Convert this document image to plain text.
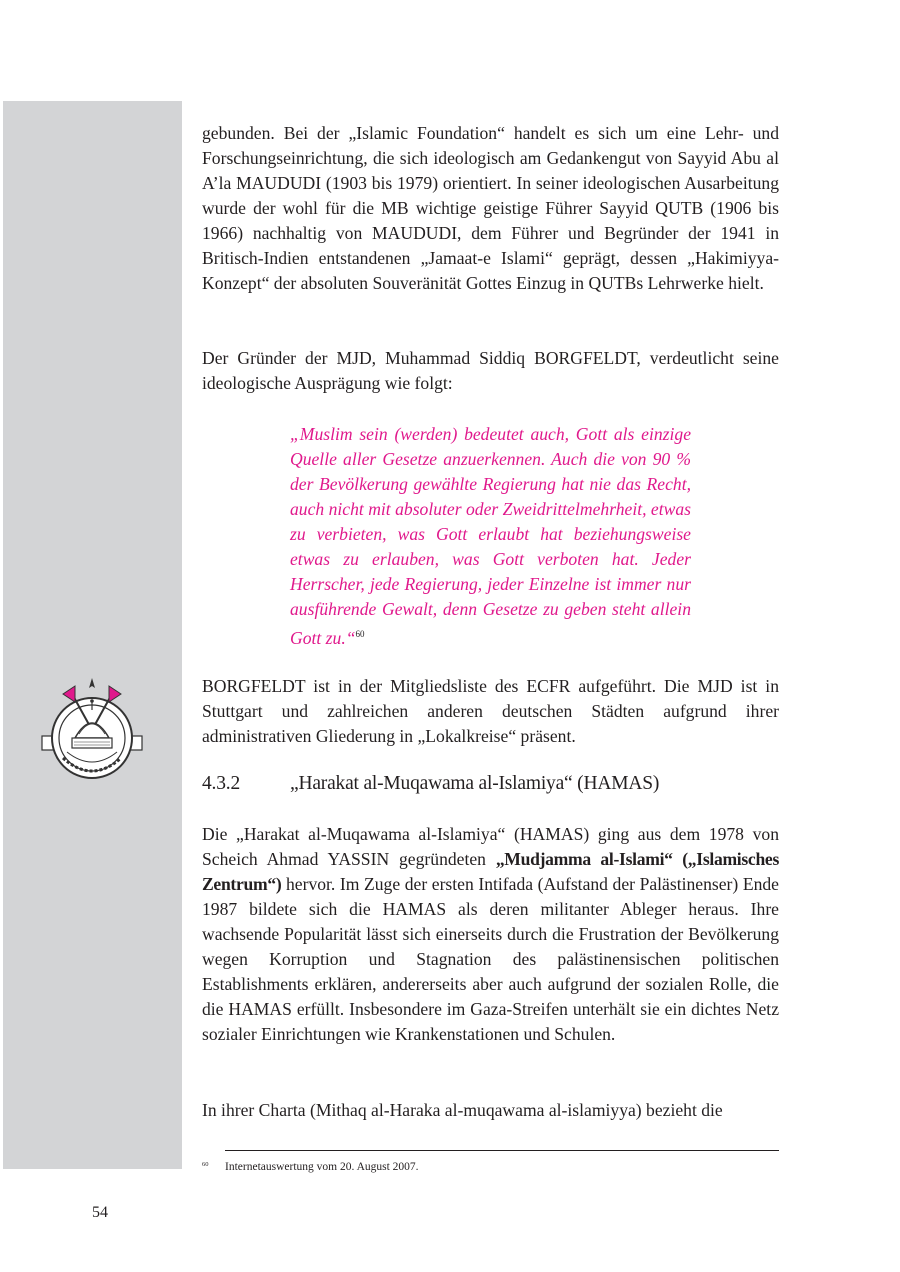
gebunden. Bei der „Islamic Foundation“ handelt es sich um eine Lehr- und Forschungseinrichtung, die sich ideologisch am Gedankengut von Sayyid Abu al A’la MAUDUDI (1903 bis 1979) orientiert. In seiner ideologischen Ausarbeitung wurde der wohl für die MB wichtige geistige Führer Sayyid QUTB (1906 bis 1966) nachhaltig von MAUDUDI, dem Führer und Begründer der 1941 in Britisch-Indien entstandenen „Jamaat-e Islami“ geprägt, dessen „Hakimiyya-Konzept“ der absoluten Souveränität Gottes Einzug in QUTBs Lehrwerke hielt.

Der Gründer der MJD, Muhammad Siddiq BORGFELDT, verdeutlicht seine ideologische Ausprägung wie folgt:

„Muslim sein (werden) bedeutet auch, Gott als einzige Quelle aller Gesetze anzuerkennen. Auch die von 90 % der Bevölkerung gewählte Regierung hat nie das Recht, auch nicht mit absoluter oder Zweidrittelmehrheit, etwas zu verbieten, was Gott erlaubt hat beziehungsweise etwas zu erlauben, was Gott verboten hat. Jeder Herrscher, jede Regierung, jeder Einzelne ist immer nur ausführende Gewalt, denn Gesetze zu geben steht allein Gott zu.“$^{60}$

BORGFELDT ist in der Mitgliedsliste des ECFR aufgeführt. Die MJD ist in Stuttgart und zahlreichen anderen deutschen Städten aufgrund ihrer administrativen Gliederung in „Lokalkreise“ präsent.

4.3.2	„Harakat al-Muqawama al-Islamiya“ (HAMAS)

Die „Harakat al-Muqawama al-Islamiya“ (HAMAS) ging aus dem 1978 von Scheich Ahmad YASSIN gegründeten „Mudjamma al-Islami“ („Islamisches Zentrum“) hervor. Im Zuge der ersten Intifada (Aufstand der Palästinenser) Ende 1987 bildete sich die HAMAS als deren militanter Ableger heraus. Ihre wachsende Popularität lässt sich einerseits durch die Frustration der Bevölkerung wegen Korruption und Stagnation des palästinensischen politischen Establishments erklären, andererseits aber auch aufgrund der sozialen Rolle, die die HAMAS erfüllt. Insbesondere im Gaza-Streifen unterhält sie ein dichtes Netz sozialer Einrichtungen wie Krankenstationen und Schulen.

In ihrer Charta (Mithaq al-Haraka al-muqawama al-islamiyya) bezieht die

60 Internetauswertung vom 20. August 2007.

54
